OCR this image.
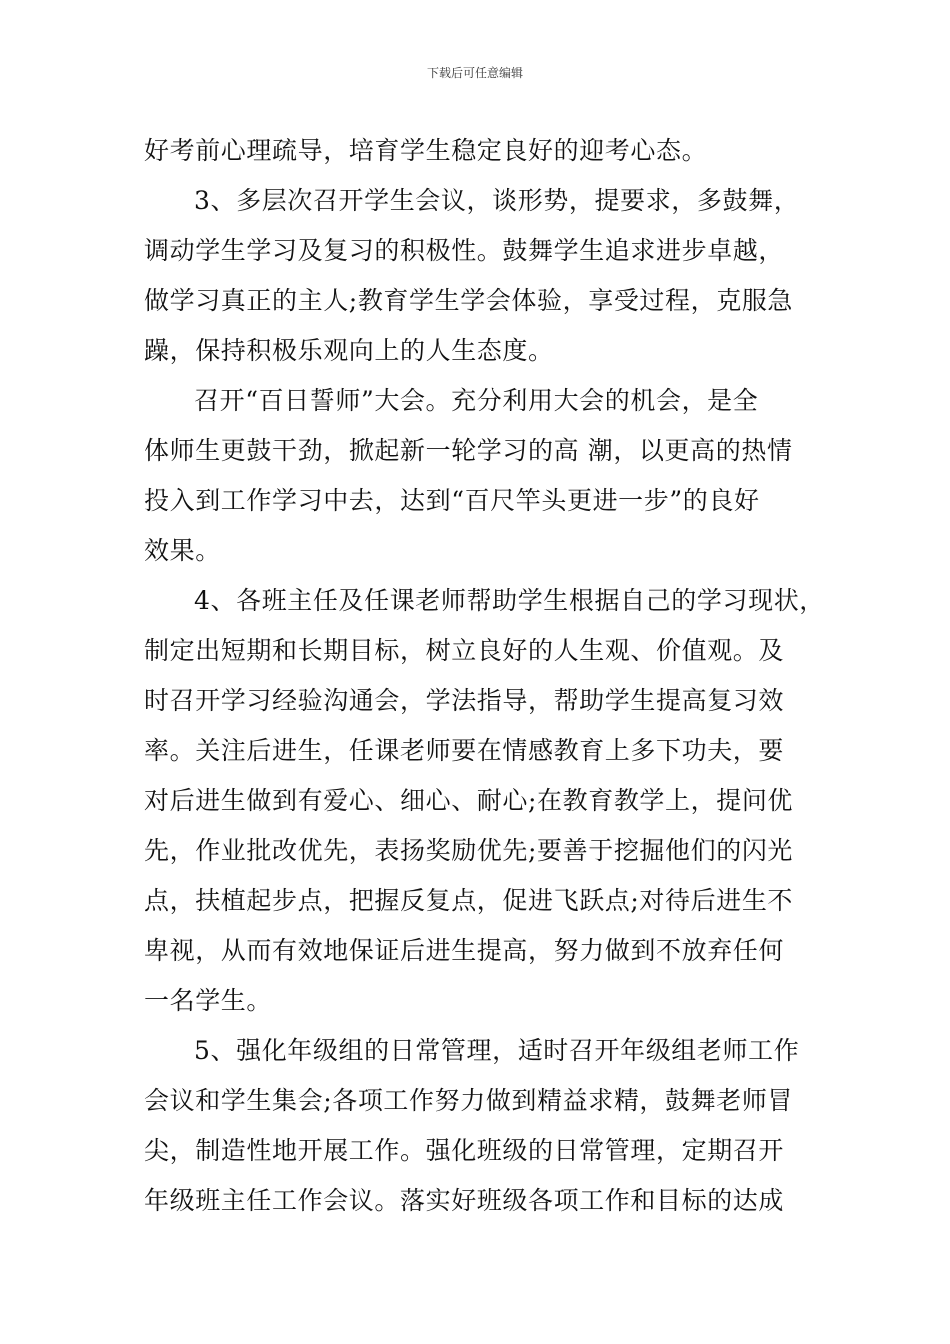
下载后可任意编辑
好考前心理疏导，培育学生稳定良好的迎考心态。
3、多层次召开学生会议，谈形势，提要求，多鼓舞，
调动学生学习及复习的积极性。鼓舞学生追求进步卓越，
做学习真正的主人;教育学生学会体验，享受过程，克服急
躁，保持积极乐观向上的人生态度。
召开“百日誓师”大会。充分利用大会的机会，是全
体师生更鼓干劲，掀起新一轮学习的高 潮，以更高的热情
投入到工作学习中去，达到“百尺竿头更进一步”的良好
效果。
4、各班主任及任课老师帮助学生根据自己的学习现状，
制定出短期和长期目标，树立良好的人生观、价值观。及
时召开学习经验沟通会，学法指导，帮助学生提高复习效
率。关注后进生，任课老师要在情感教育上多下功夫，要
对后进生做到有爱心、细心、耐心;在教育教学上，提问优
先，作业批改优先，表扬奖励优先;要善于挖掘他们的闪光
点，扶植起步点，把握反复点，促进飞跃点;对待后进生不
卑视，从而有效地保证后进生提高，努力做到不放弃任何
一名学生。
5、强化年级组的日常管理，适时召开年级组老师工作
会议和学生集会;各项工作努力做到精益求精，鼓舞老师冒
尖，制造性地开展工作。强化班级的日常管理，定期召开
年级班主任工作会议。落实好班级各项工作和目标的达成
